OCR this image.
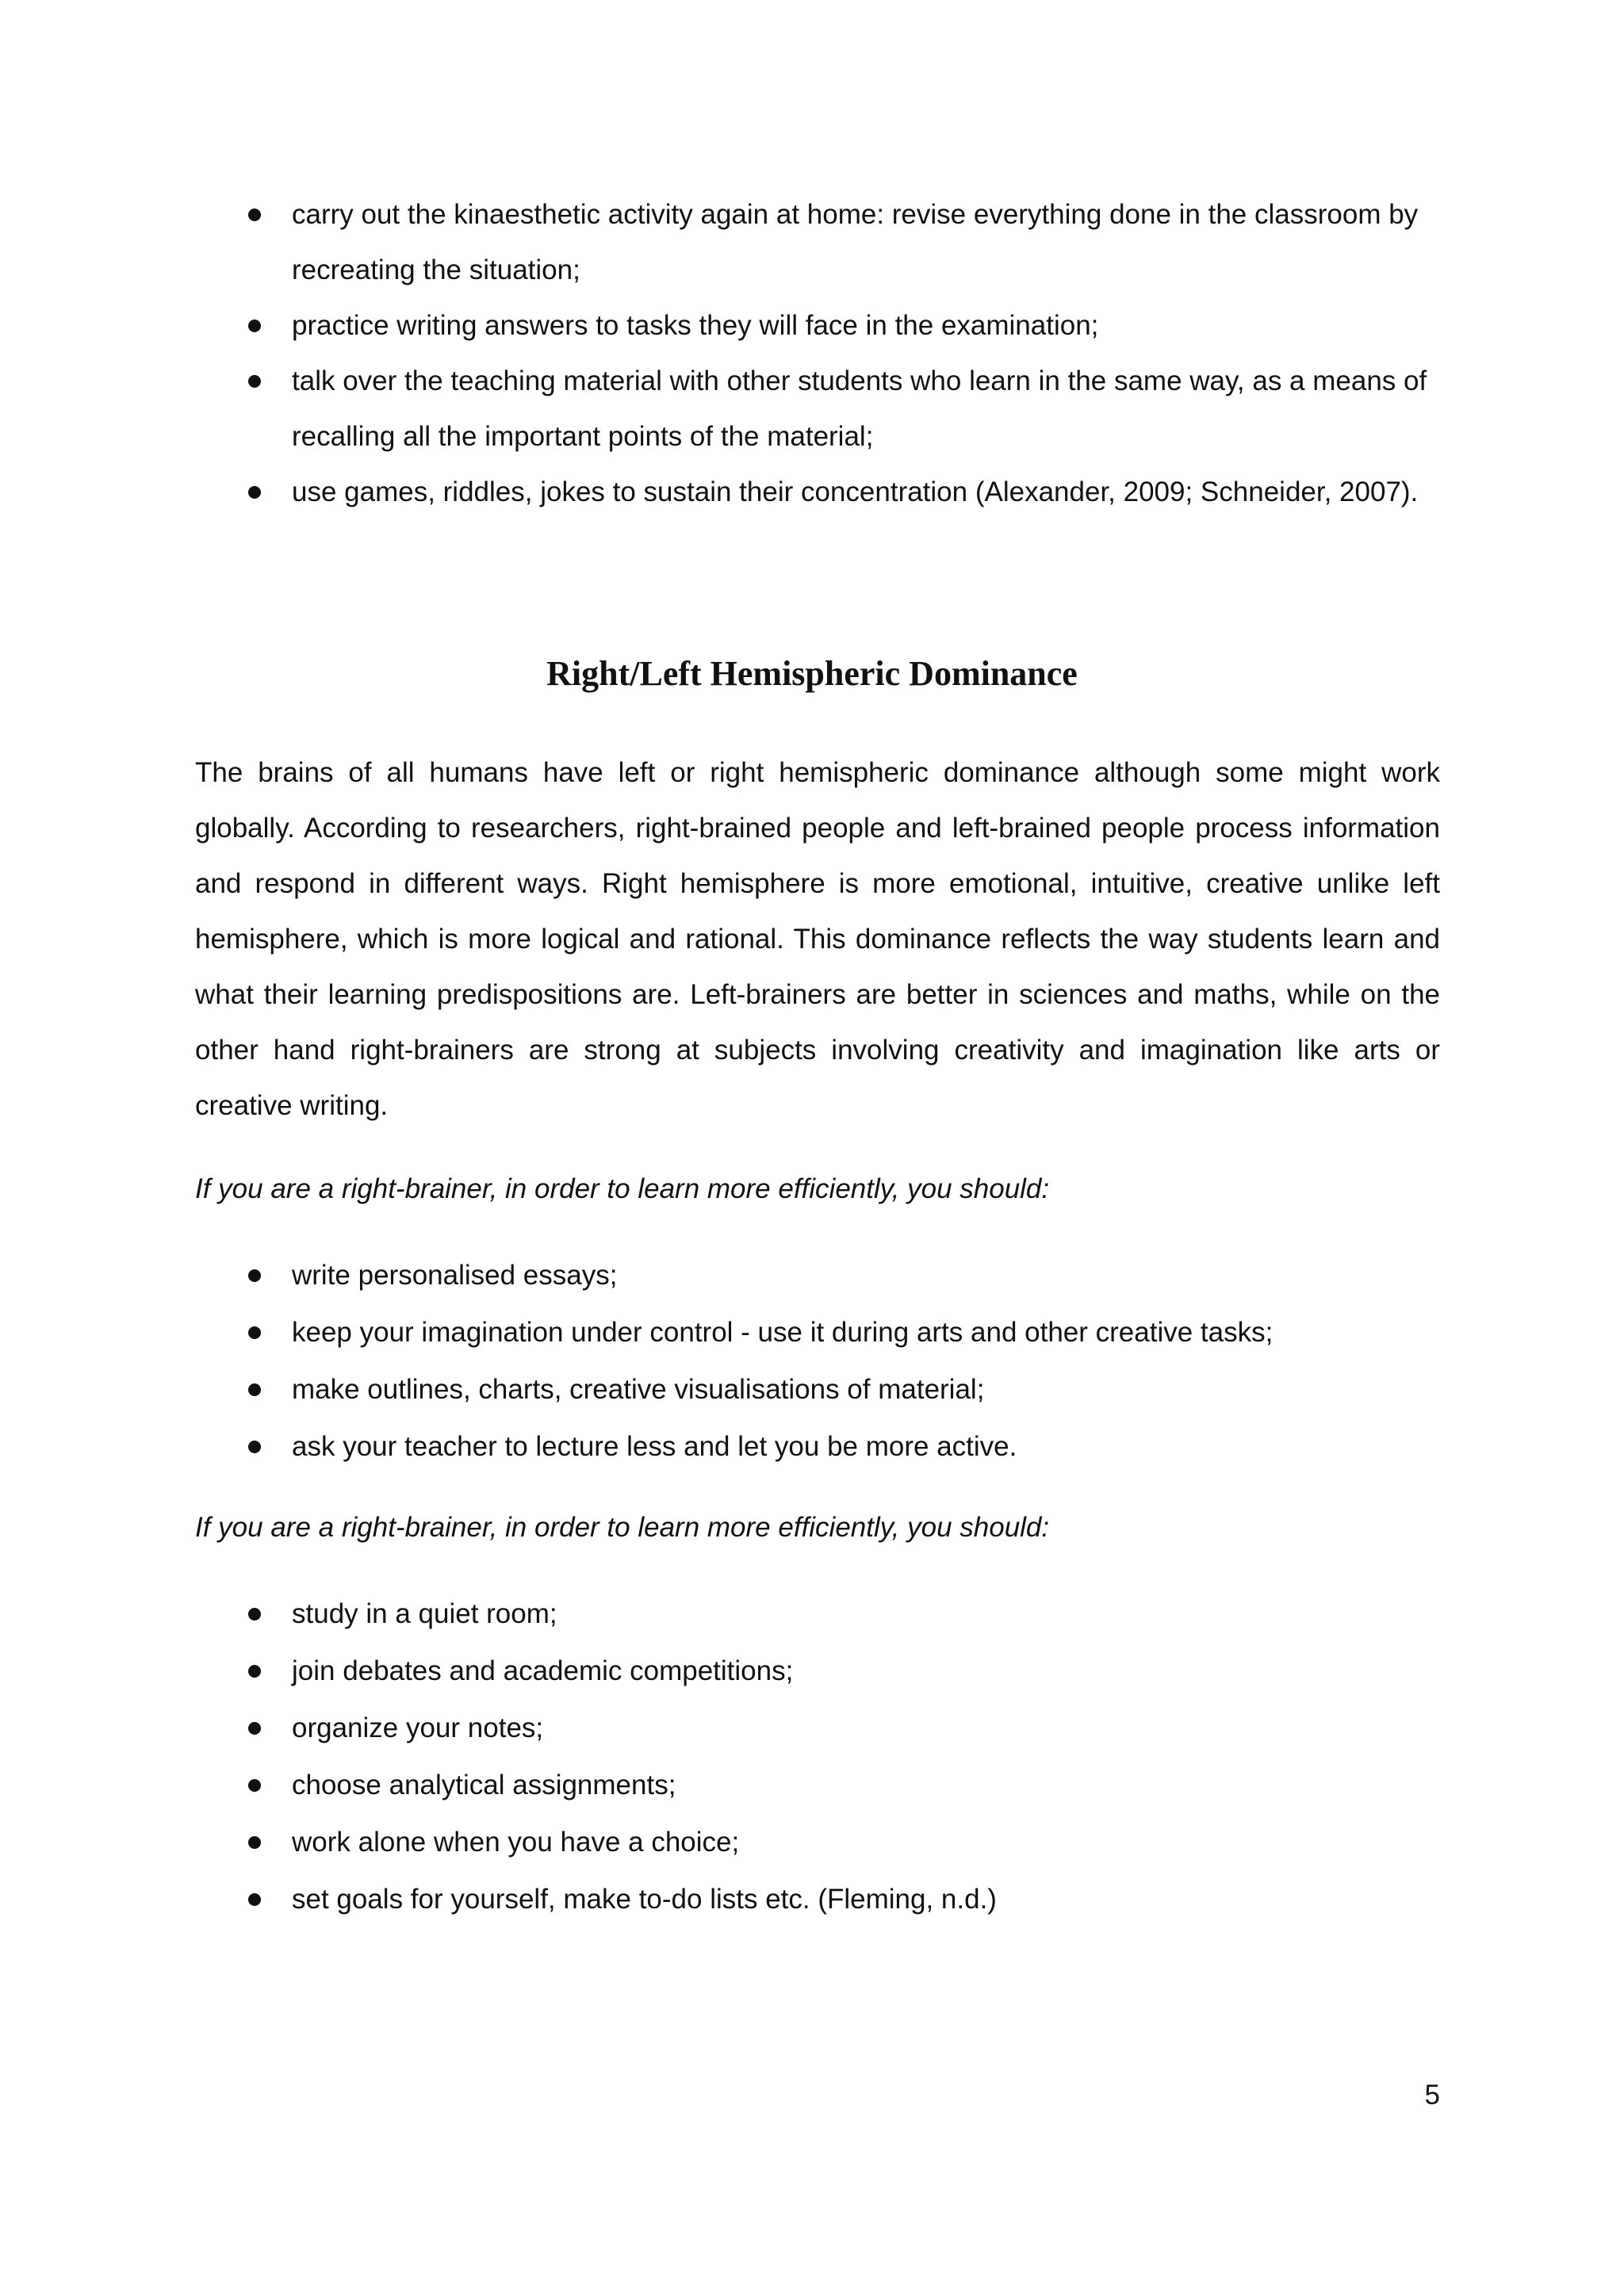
carry out the kinaesthetic activity again at home: revise everything done in the classroom by recreating the situation;
practice writing answers to tasks they will face in the examination;
talk over the teaching material with other students who learn in the same way, as a means of recalling all the important points of the material;
use games, riddles, jokes to sustain their concentration (Alexander, 2009; Schneider, 2007).
Right/Left Hemispheric Dominance

The brains of all humans have left or right hemispheric dominance although some might work globally. According to researchers, right-brained people and left-brained people process information and respond in different ways. Right hemisphere is more emotional, intuitive, creative unlike left hemisphere, which is more logical and rational. This dominance reflects the way students learn and what their learning predispositions are. Left-brainers are better in sciences and maths, while on the other hand right-brainers are strong at subjects involving creativity and imagination like arts or creative writing.

If you are a right-brainer, in order to learn more efficiently, you should:

write personalised essays;
keep your imagination under control - use it during arts and other creative tasks;
make outlines, charts, creative visualisations of material;
ask your teacher to lecture less and let you be more active.

If you are a right-brainer, in order to learn more efficiently, you should:

study in a quiet room;
join debates and academic competitions;
organize your notes;
choose analytical assignments;
work alone when you have a choice;
set goals for yourself, make to-do lists etc. (Fleming, n.d.)
5
